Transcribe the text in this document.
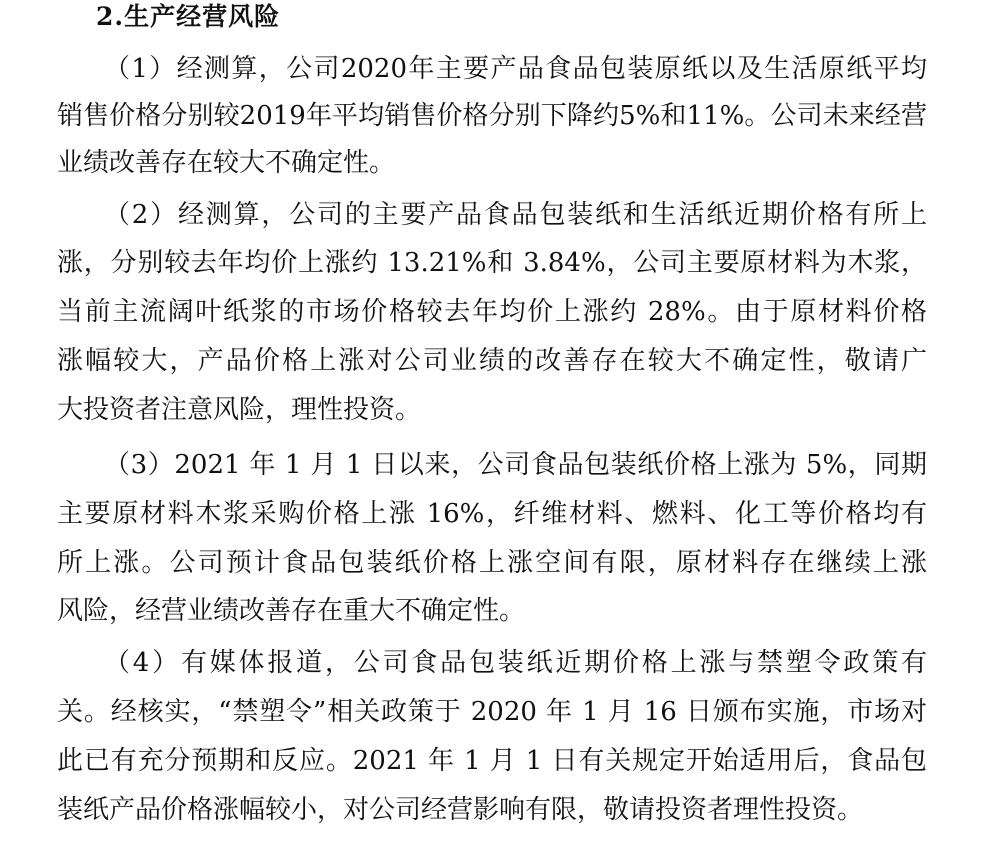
2.生产经营风险
（1）经测算，公司2020年主要产品食品包装原纸以及生活原纸平均
销售价格分别较2019年平均销售价格分别下降约5%和11%。公司未来经营
业绩改善存在较大不确定性。
（2）经测算，公司的主要产品食品包装纸和生活纸近期价格有所上
涨，分别较去年均价上涨约 13.21%和 3.84%，公司主要原材料为木浆，
当前主流阔叶纸浆的市场价格较去年均价上涨约 28%。由于原材料价格
涨幅较大，产品价格上涨对公司业绩的改善存在较大不确定性，敬请广
大投资者注意风险，理性投资。
（3）2021 年 1 月 1 日以来，公司食品包装纸价格上涨为 5%，同期
主要原材料木浆采购价格上涨 16%，纤维材料、燃料、化工等价格均有
所上涨。公司预计食品包装纸价格上涨空间有限，原材料存在继续上涨
风险，经营业绩改善存在重大不确定性。
（4）有媒体报道，公司食品包装纸近期价格上涨与禁塑令政策有
关。经核实，“禁塑令”相关政策于 2020 年 1 月 16 日颁布实施，市场对
此已有充分预期和反应。2021 年 1 月 1 日有关规定开始适用后，食品包
装纸产品价格涨幅较小，对公司经营影响有限，敬请投资者理性投资。
